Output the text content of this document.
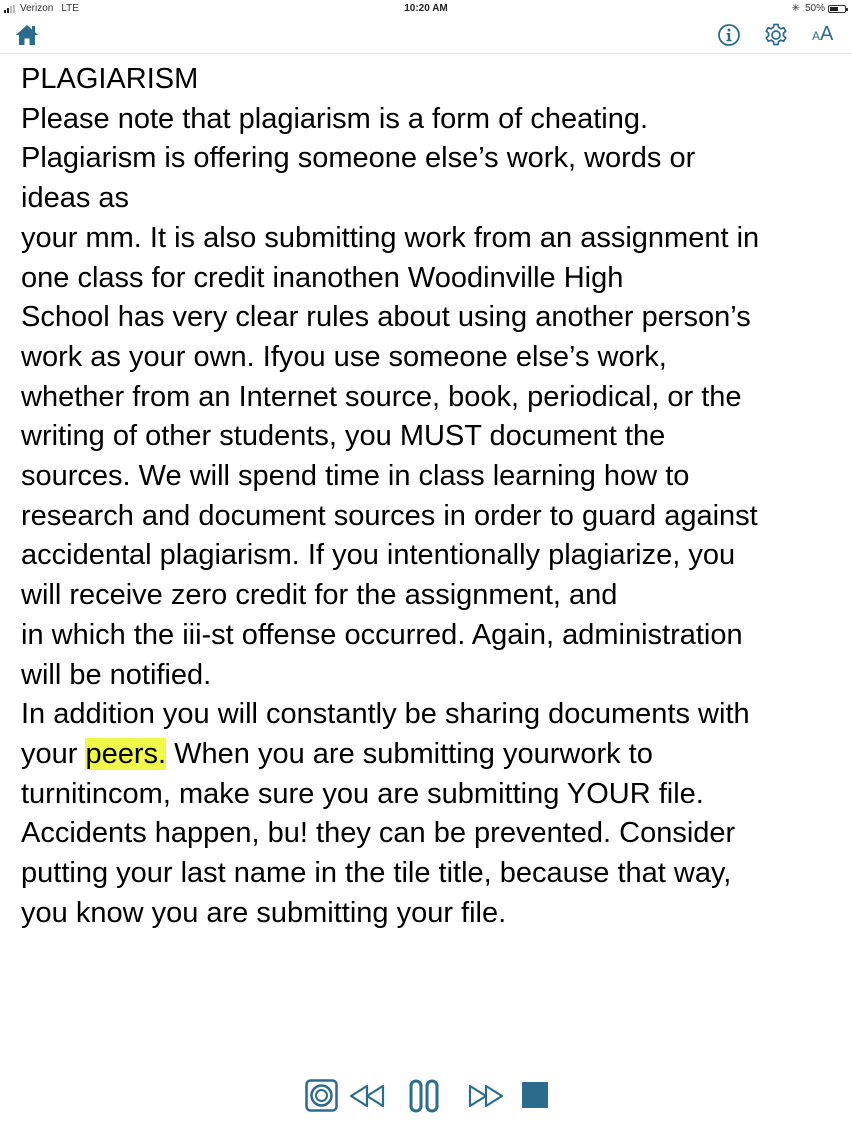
Verizon LTE	10:20 AM	✳ 50%
AA
PLAGIARISM
Please note that plagiarism is a form of cheating.
Plagiarism is offering someone else’s work, words or
ideas as
your mm. It is also submitting work from an assignment in
one class for credit inanothen Woodinville High
School has very clear rules about using another person’s
work as your own. Ifyou use someone else’s work,
whether from an Internet source, book, periodical, or the
writing of other students, you MUST document the
sources. We will spend time in class learning how to
research and document sources in order to guard against
accidental plagiarism. If you intentionally plagiarize, you
will receive zero credit for the assignment, and
in which the iii-st offense occurred. Again, administration
will be notified.
In addition you will constantly be sharing documents with
your peers. When you are submitting yourwork to
turnitincom, make sure you are submitting YOUR file.
Accidents happen, bu! they can be prevented. Consider
putting your last name in the tile title, because that way,
you know you are submitting your file.
